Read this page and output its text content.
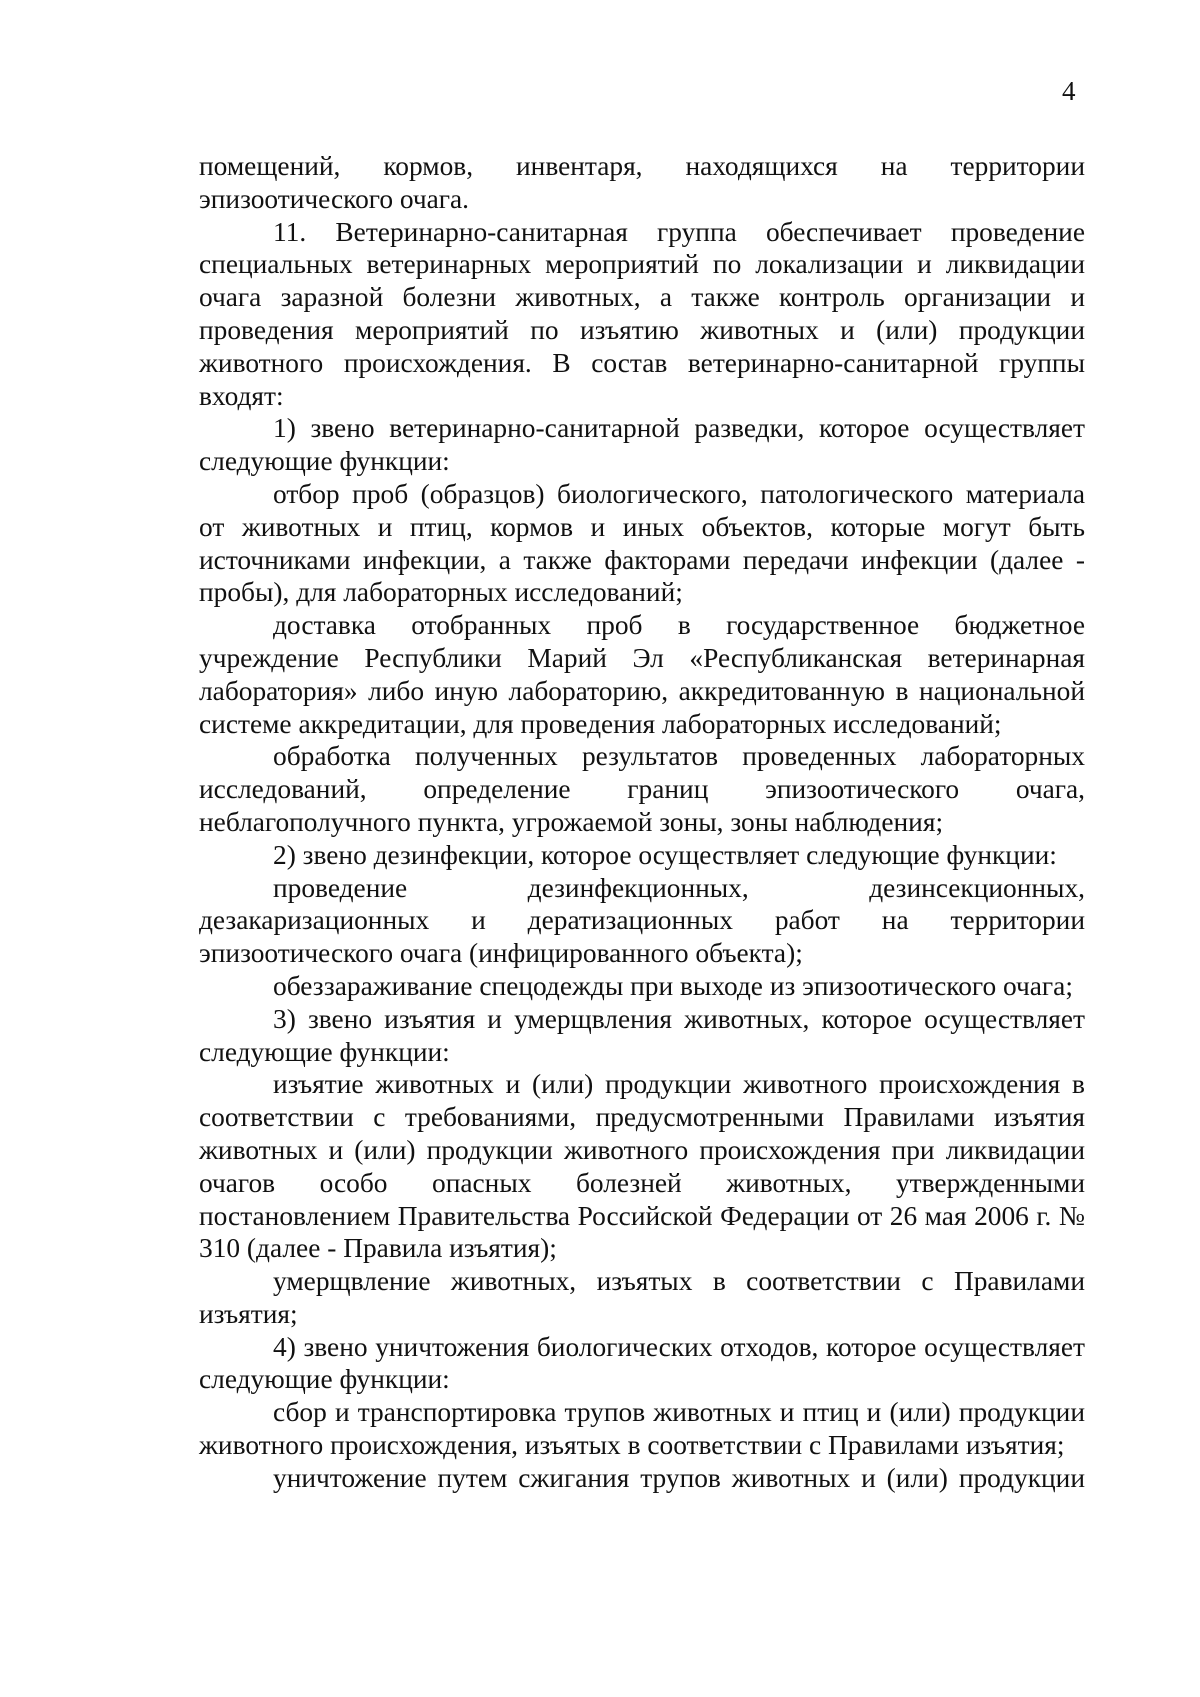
4

помещений, кормов, инвентаря, находящихся на территории эпизоотического очага.

11. Ветеринарно-санитарная группа обеспечивает проведение специальных ветеринарных мероприятий по локализации и ликвидации очага заразной болезни животных, а также контроль организации и проведения мероприятий по изъятию животных и (или) продукции животного происхождения. В состав ветеринарно-санитарной группы входят:

1) звено ветеринарно-санитарной разведки, которое осуществляет следующие функции:

отбор проб (образцов) биологического, патологического материала от животных и птиц, кормов и иных объектов, которые могут быть источниками инфекции, а также факторами передачи инфекции (далее - пробы), для лабораторных исследований;

доставка отобранных проб в государственное бюджетное учреждение Республики Марий Эл «Республиканская ветеринарная лаборатория» либо иную лабораторию, аккредитованную в национальной системе аккредитации, для проведения лабораторных исследований;

обработка полученных результатов проведенных лабораторных исследований, определение границ эпизоотического очага, неблагополучного пункта, угрожаемой зоны, зоны наблюдения;

2) звено дезинфекции, которое осуществляет следующие функции:

проведение дезинфекционных, дезинсекционных, дезакаризационных и дератизационных работ на территории эпизоотического очага (инфицированного объекта);

обеззараживание спецодежды при выходе из эпизоотического очага;

3) звено изъятия и умерщвления животных, которое осуществляет следующие функции:

изъятие животных и (или) продукции животного происхождения в соответствии с требованиями, предусмотренными Правилами изъятия животных и (или) продукции животного происхождения при ликвидации очагов особо опасных болезней животных, утвержденными постановлением Правительства Российской Федерации от 26 мая 2006 г. № 310 (далее - Правила изъятия);

умерщвление животных, изъятых в соответствии с Правилами изъятия;

4) звено уничтожения биологических отходов, которое осуществляет следующие функции:

сбор и транспортировка трупов животных и птиц и (или) продукции животного происхождения, изъятых в соответствии с Правилами изъятия;

уничтожение путем сжигания трупов животных и (или) продукции
